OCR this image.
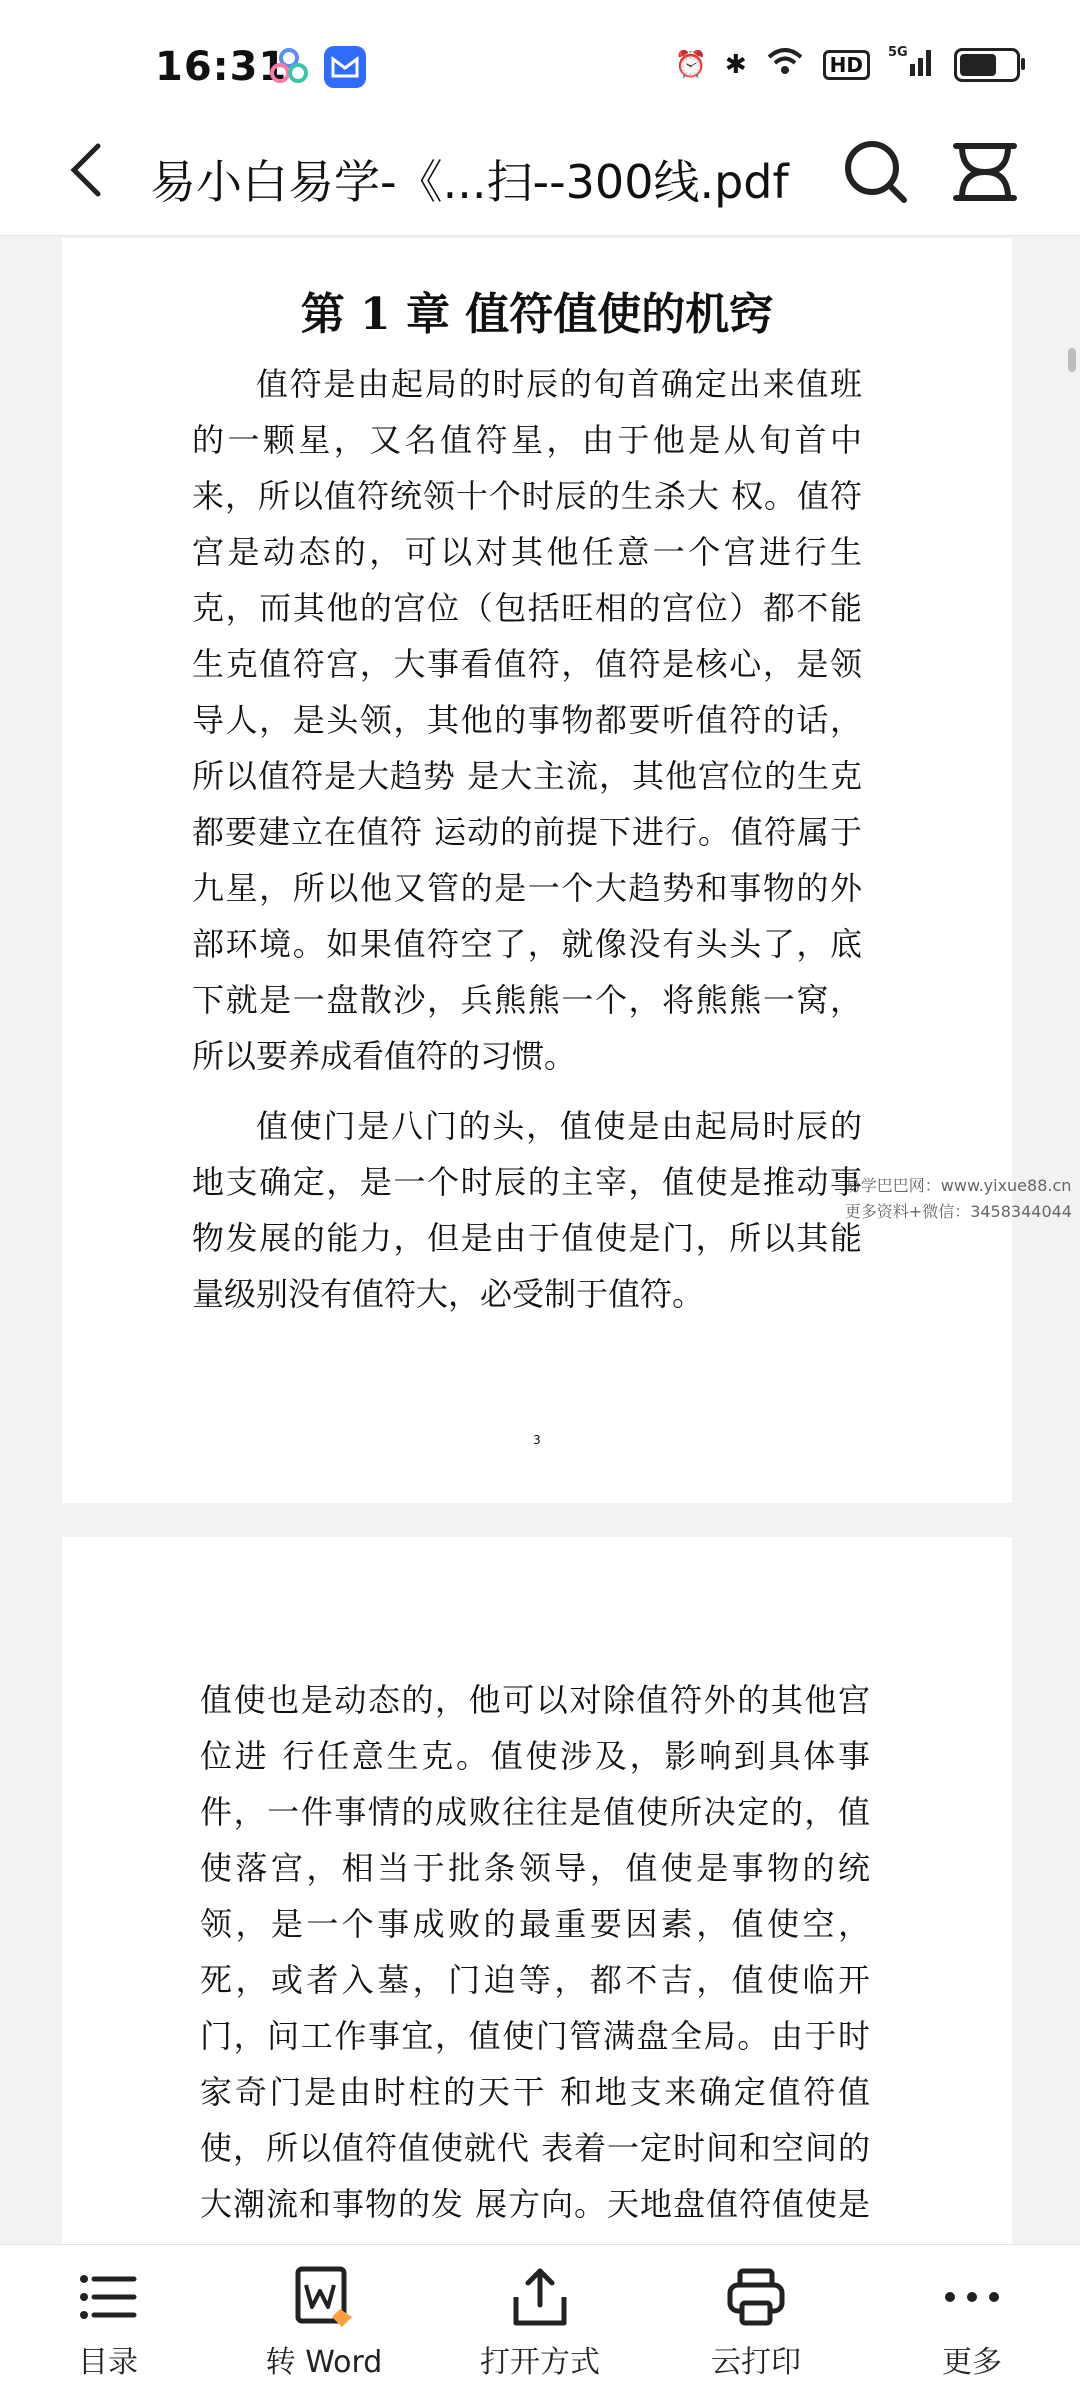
16:31	⏰ ✱	HD	5G
易小白易学-《...扫--300线.pdf
第 1 章 值符值使的机窍
值符是由起局的时辰的旬首确定出来值班的一颗星，又名值符星，由于他是从旬首中来，所以值符统领十个时辰的生杀大 权。值符宫是动态的，可以对其他任意一个宫进行生克，而其他的宫位（包括旺相的宫位）都不能生克值符宫，大事看值符，值符是核心，是领导人，是头领，其他的事物都要听值符的话，所以值符是大趋势 是大主流，其他宫位的生克都要建立在值符 运动的前提下进行。值符属于九星，所以他又管的是一个大趋势和事物的外部环境。如果值符空了，就像没有头头了，底下就是一盘散沙，兵熊熊一个，将熊熊一窝，所以要养成看值符的习惯。
值使门是八门的头，值使是由起局时辰的地支确定，是一个时辰的主宰，值使是推动事物发展的能力，但是由于值使是门，所以其能量级别没有值符大，必受制于值符。
3
易学巴巴网：www.yixue88.cn
更多资料+微信：3458344044
值使也是动态的，他可以对除值符外的其他宫位进 行任意生克。值使涉及，影响到具体事件，一件事情的成败往往是值使所决定的，值使落宫，相当于批条领导，值使是事物的统领，是一个事成败的最重要因素，值使空，死，或者入墓，门迫等，都不吉，值使临开门，问工作事宜，值使门管满盘全局。由于时家奇门是由时柱的天干 和地支来确定值符值使，所以值符值使就代 表着一定时间和空间的大潮流和事物的发 展方向。天地盘值符值使是
目录	转 Word	打开方式	云打印	更多
